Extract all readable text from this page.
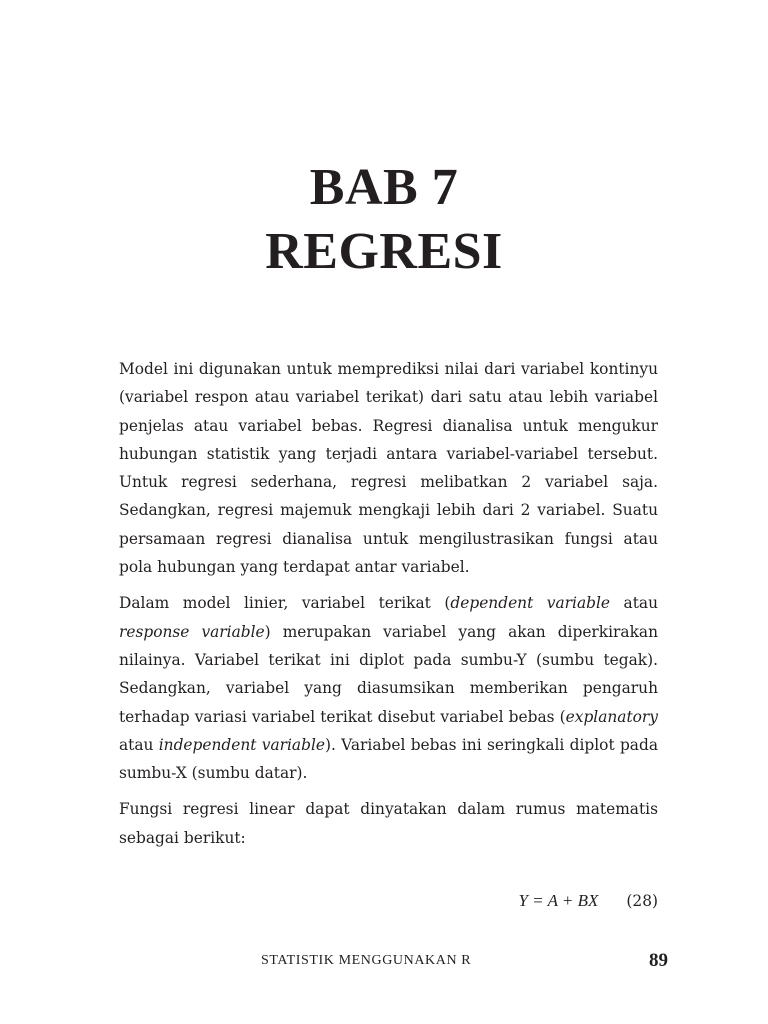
BAB 7
REGRESI

Model ini digunakan untuk memprediksi nilai dari variabel kontinyu (variabel respon atau variabel terikat) dari satu atau lebih variabel penjelas atau variabel bebas. Regresi dianalisa untuk mengukur hubungan statistik yang terjadi antara variabel-variabel tersebut. Untuk regresi sederhana, regresi melibatkan 2 variabel saja. Sedangkan, regresi majemuk mengkaji lebih dari 2 variabel. Suatu persamaan regresi dianalisa untuk mengilustrasikan fungsi atau pola hubungan yang terdapat antar variabel.

Dalam model linier, variabel terikat (dependent variable atau response variable) merupakan variabel yang akan diperkirakan nilainya. Variabel terikat ini diplot pada sumbu-Y (sumbu tegak). Sedangkan, variabel yang diasumsikan memberikan pengaruh terhadap variasi variabel terikat disebut variabel bebas (explanatory atau independent variable). Variabel bebas ini seringkali diplot pada sumbu-X (sumbu datar).

Fungsi regresi linear dapat dinyatakan dalam rumus matematis sebagai berikut:

Y = A + BX (28)
STATISTIK MENGGUNAKAN R	89
